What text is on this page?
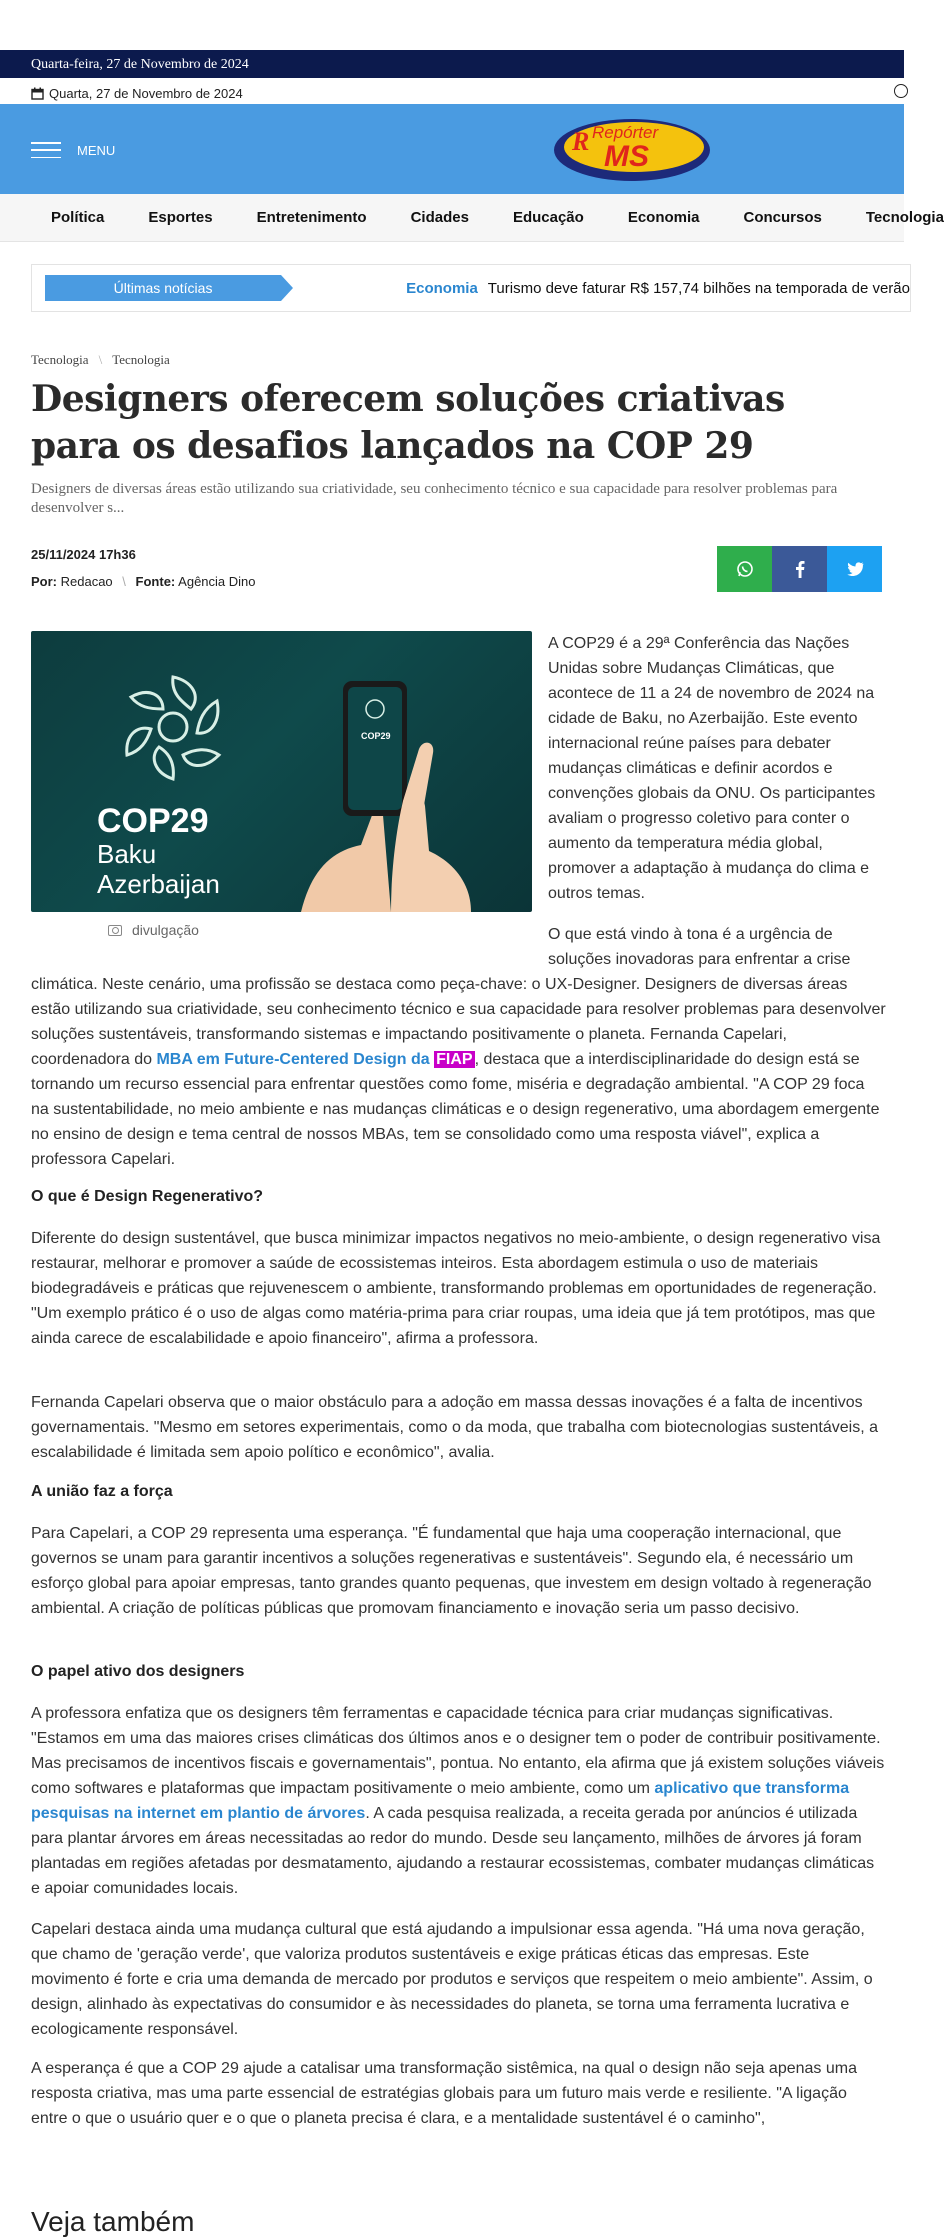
Quarta-feira, 27 de Novembro de 2024
Quarta, 27 de Novembro de 2024
MENU	R Repórter
MS
Política	Esportes	Entretenimento	Cidades	Educação	Economia	Concursos	Tecnologia
Últimas notícias	Economia Turismo deve faturar R$ 157,74 bilhões na temporada de verão
Tecnologia \ Tecnologia
Designers oferecem soluções criativas para os desafios lançados na COP 29
Designers de diversas áreas estão utilizando sua criatividade, seu conhecimento técnico e sua capacidade para resolver problemas para desenvolver s...
25/11/2024 17h36
Por: Redacao \ Fonte: Agência Dino
COP29
Baku
Azerbaijan
COP29
divulgação
A COP29 é a 29ª Conferência das Nações Unidas sobre Mudanças Climáticas, que acontece de 11 a 24 de novembro de 2024 na cidade de Baku, no Azerbaijão. Este evento internacional reúne países para debater mudanças climáticas e definir acordos e convenções globais da ONU. Os participantes avaliam o progresso coletivo para conter o aumento da temperatura média global, promover a adaptação à mudança do clima e outros temas.
O que está vindo à tona é a urgência de soluções inovadoras para enfrentar a crise
climática. Neste cenário, uma profissão se destaca como peça-chave: o UX-Designer. Designers de diversas áreas estão utilizando sua criatividade, seu conhecimento técnico e sua capacidade para resolver problemas para desenvolver soluções sustentáveis, transformando sistemas e impactando positivamente o planeta. Fernanda Capelari, coordenadora do MBA em Future-Centered Design da FIAP , destaca que a interdisciplinaridade do design está se tornando um recurso essencial para enfrentar questões como fome, miséria e degradação ambiental. "A COP 29 foca na sustentabilidade, no meio ambiente e nas mudanças climáticas e o design regenerativo, uma abordagem emergente no ensino de design e tema central de nossos MBAs, tem se consolidado como uma resposta viável", explica a professora Capelari.
O que é Design Regenerativo?
Diferente do design sustentável, que busca minimizar impactos negativos no meio-ambiente, o design regenerativo visa restaurar, melhorar e promover a saúde de ecossistemas inteiros. Esta abordagem estimula o uso de materiais biodegradáveis e práticas que rejuvenescem o ambiente, transformando problemas em oportunidades de regeneração. "Um exemplo prático é o uso de algas como matéria-prima para criar roupas, uma ideia que já tem protótipos, mas que ainda carece de escalabilidade e apoio financeiro", afirma a professora.
Fernanda Capelari observa que o maior obstáculo para a adoção em massa dessas inovações é a falta de incentivos governamentais. "Mesmo em setores experimentais, como o da moda, que trabalha com biotecnologias sustentáveis, a escalabilidade é limitada sem apoio político e econômico", avalia.
A união faz a força
Para Capelari, a COP 29 representa uma esperança. "É fundamental que haja uma cooperação internacional, que governos se unam para garantir incentivos a soluções regenerativas e sustentáveis". Segundo ela, é necessário um esforço global para apoiar empresas, tanto grandes quanto pequenas, que investem em design voltado à regeneração ambiental. A criação de políticas públicas que promovam financiamento e inovação seria um passo decisivo.
O papel ativo dos designers
A professora enfatiza que os designers têm ferramentas e capacidade técnica para criar mudanças significativas. "Estamos em uma das maiores crises climáticas dos últimos anos e o designer tem o poder de contribuir positivamente. Mas precisamos de incentivos fiscais e governamentais", pontua. No entanto, ela afirma que já existem soluções viáveis como softwares e plataformas que impactam positivamente o meio ambiente, como um aplicativo que transforma pesquisas na internet em plantio de árvores. A cada pesquisa realizada, a receita gerada por anúncios é utilizada para plantar árvores em áreas necessitadas ao redor do mundo. Desde seu lançamento, milhões de árvores já foram plantadas em regiões afetadas por desmatamento, ajudando a restaurar ecossistemas, combater mudanças climáticas e apoiar comunidades locais.
Capelari destaca ainda uma mudança cultural que está ajudando a impulsionar essa agenda. "Há uma nova geração, que chamo de 'geração verde', que valoriza produtos sustentáveis e exige práticas éticas das empresas. Este movimento é forte e cria uma demanda de mercado por produtos e serviços que respeitem o meio ambiente". Assim, o design, alinhado às expectativas do consumidor e às necessidades do planeta, se torna uma ferramenta lucrativa e ecologicamente responsável.
A esperança é que a COP 29 ajude a catalisar uma transformação sistêmica, na qual o design não seja apenas uma resposta criativa, mas uma parte essencial de estratégias globais para um futuro mais verde e resiliente. "A ligação entre o que o usuário quer e o que o planeta precisa é clara, e a mentalidade sustentável é o caminho",
Veja também
